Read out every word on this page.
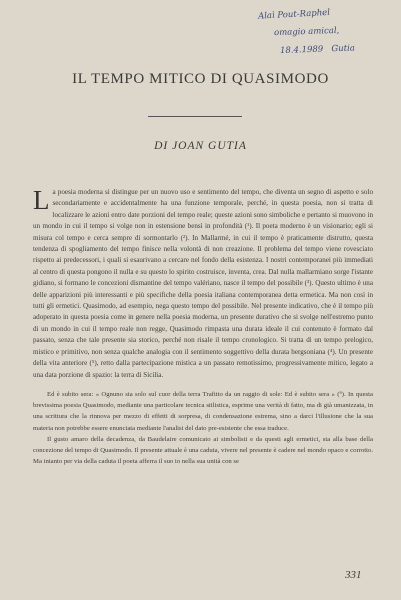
Alaì Pout-Raphel
omagio amical,
18.4.1989 Gutia
IL TEMPO MITICO DI QUASIMODO
DI JOAN GUTIA

La poesia moderna si distingue per un nuovo uso e sentimento del tempo, che diventa un segno di aspetto e solo secondariamente e accidentalmente ha una funzione temporale, perché, in questa poesia, non si tratta di localizzare le azioni entro date porzioni del tempo reale; queste azioni sono simboliche e pertanto si muovono in un mondo in cui il tempo si volge non in estensione bensì in profondità (¹). Il poeta moderno è un visionario; egli si misura col tempo e cerca sempre di sormontarlo (²). In Mallarmé, in cui il tempo è praticamente distrutto, questa tendenza di spogliamento del tempo finisce nella volontà di non creazione. Il problema del tempo viene rovesciato rispetto ai predecessori, i quali si esaurivano a cercare nel fondo della esistenza. I nostri contemporanei più immediati al centro di questa pongono il nulla e su questo lo spirito costruisce, inventa, crea. Dal nulla mallarmiano sorge l'istante gidiano, si formano le concezioni dismantine del tempo valériano, nasce il tempo del possibile (³). Questo ultimo è una delle apparizioni più interessanti e più specifiche della poesia italiana contemporanea detta ermetica. Ma non così in tutti gli ermetici. Quasimodo, ad esempio, nega questo tempo del possibile. Nel presente indicativo, che è il tempo più adoperato in questa poesia come in genere nella poesia moderna, un presente durativo che si svolge nell'estremo punto di un mondo in cui il tempo reale non regge, Quasimodo rimpasta una durata ideale il cui contenuto è formato dal passato, senza che tale presente sia storico, perché non risale il tempo cronologico. Si tratta di un tempo prelogico, mistico e primitivo, non senza qualche analogia con il sentimento soggettivo della durata bergsoniana (⁴). Un presente della vita anteriore (⁵), retto dalla partecipazione mistica a un passato remotissimo, progressivamente mitico, legato a una data porzione di spazio: la terra di Sicilia.

Ed è subito sera: « Ognuno sta solo sul cuor della terra Trafitto da un raggio di sole: Ed è subito sera » (⁶). In questa brevissima poesia Quasimodo, mediante una particolare tecnica stilistica, esprime una verità di fatto, ma di già umanizzata, in una scrittura che la rinnova per mezzo di effetti di sorpresa, di condensazione estrema, sino a darci l'illusione che la sua materia non potrebbe essere enunciata mediante l'analisi del dato pre-esistente che essa traduce.

Il gusto amaro della decadenza, da Baudelaire comunicato ai simbolisti e da questi agli ermetici, sta alla base della concezione del tempo di Quasimodo. Il presente attuale è una caduta, vivere nel presente è cadere nel mondo opaco e corrotto. Ma intanto per via della caduta il poeta afferra il suo io nella sua unità con se

331
